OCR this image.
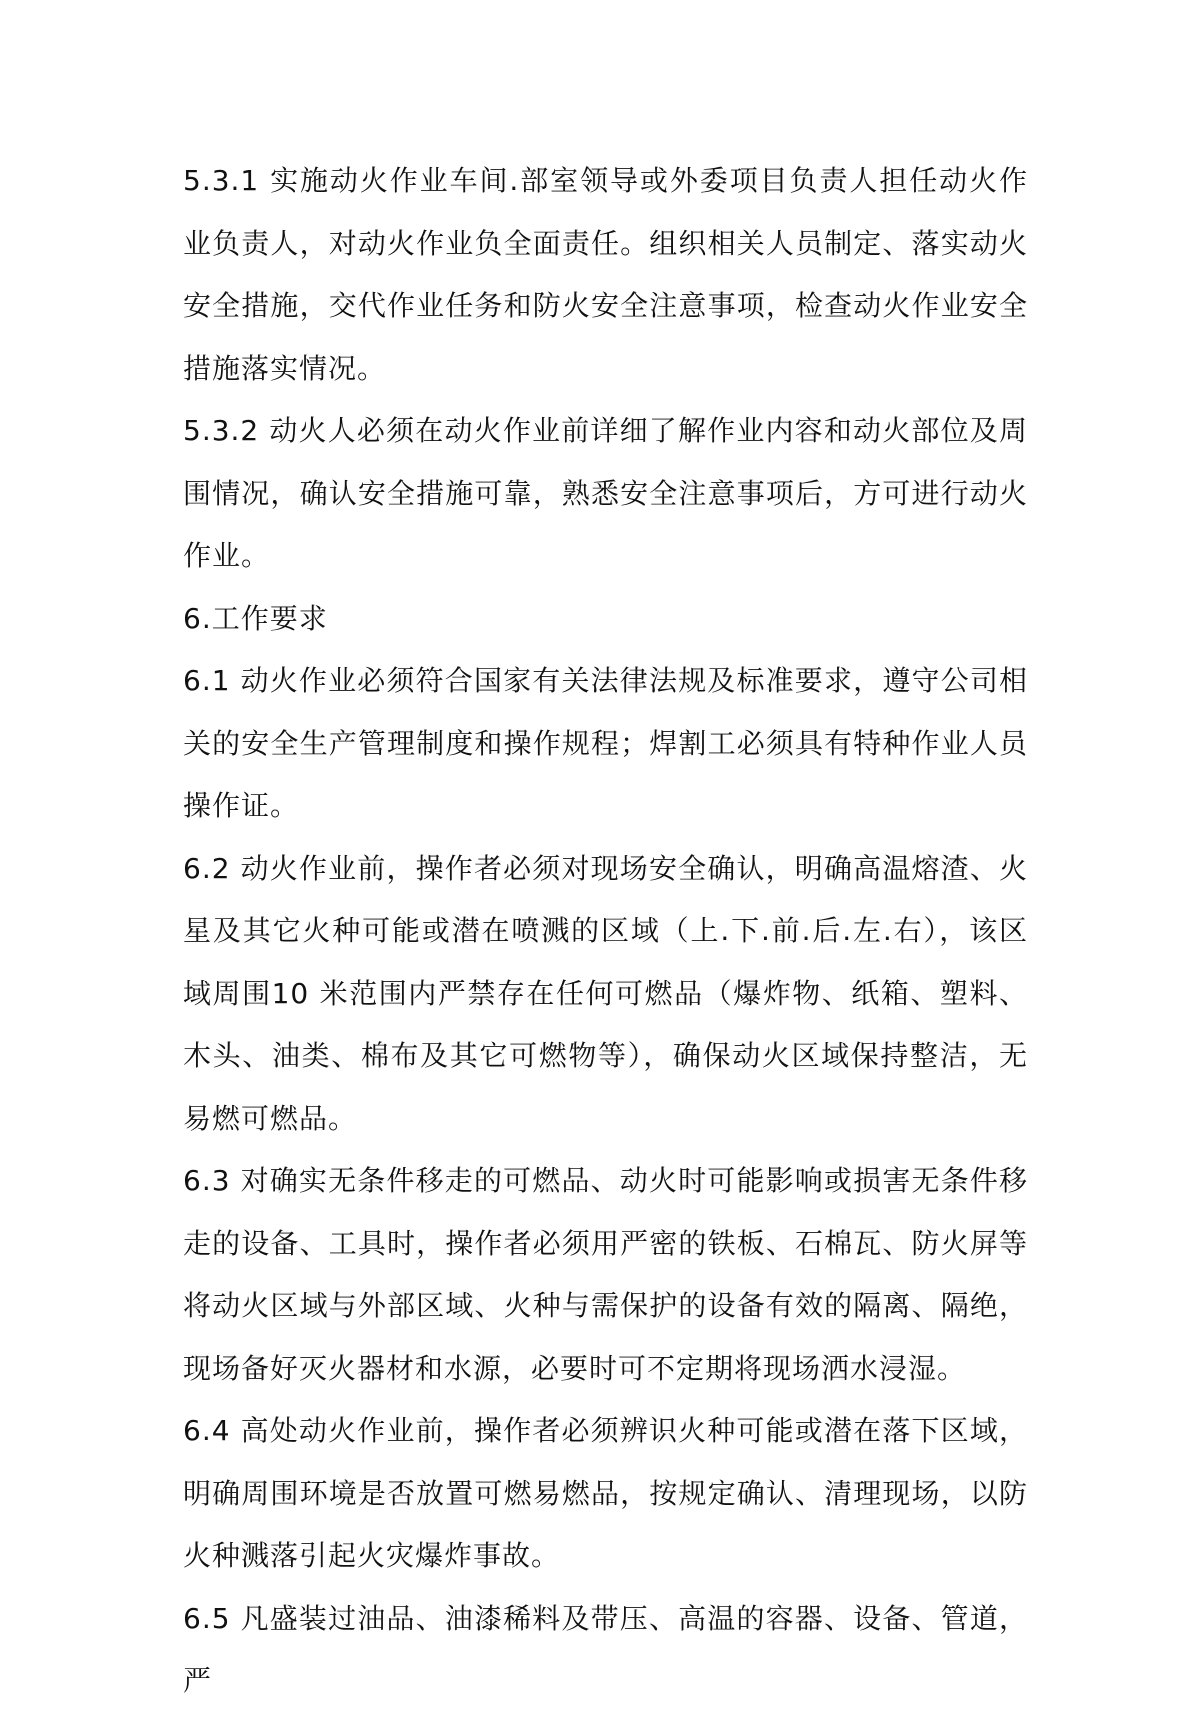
5.3.1 实施动火作业车间.部室领导或外委项目负责人担任动火作业负责人，对动火作业负全面责任。组织相关人员制定、落实动火安全措施，交代作业任务和防火安全注意事项，检查动火作业安全措施落实情况。

5.3.2 动火人必须在动火作业前详细了解作业内容和动火部位及周围情况，确认安全措施可靠，熟悉安全注意事项后，方可进行动火作业。

6.工作要求

6.1 动火作业必须符合国家有关法律法规及标准要求，遵守公司相关的安全生产管理制度和操作规程；焊割工必须具有特种作业人员操作证。

6.2 动火作业前，操作者必须对现场安全确认，明确高温熔渣、火星及其它火种可能或潜在喷溅的区域（上.下.前.后.左.右），该区域周围10 米范围内严禁存在任何可燃品（爆炸物、纸箱、塑料、木头、油类、棉布及其它可燃物等），确保动火区域保持整洁，无易燃可燃品。

6.3 对确实无条件移走的可燃品、动火时可能影响或损害无条件移走的设备、工具时，操作者必须用严密的铁板、石棉瓦、防火屏等将动火区域与外部区域、火种与需保护的设备有效的隔离、隔绝，现场备好灭火器材和水源，必要时可不定期将现场洒水浸湿。

6.4 高处动火作业前，操作者必须辨识火种可能或潜在落下区域，明确周围环境是否放置可燃易燃品，按规定确认、清理现场，以防火种溅落引起火灾爆炸事故。

6.5 凡盛装过油品、油漆稀料及带压、高温的容器、设备、管道，严
